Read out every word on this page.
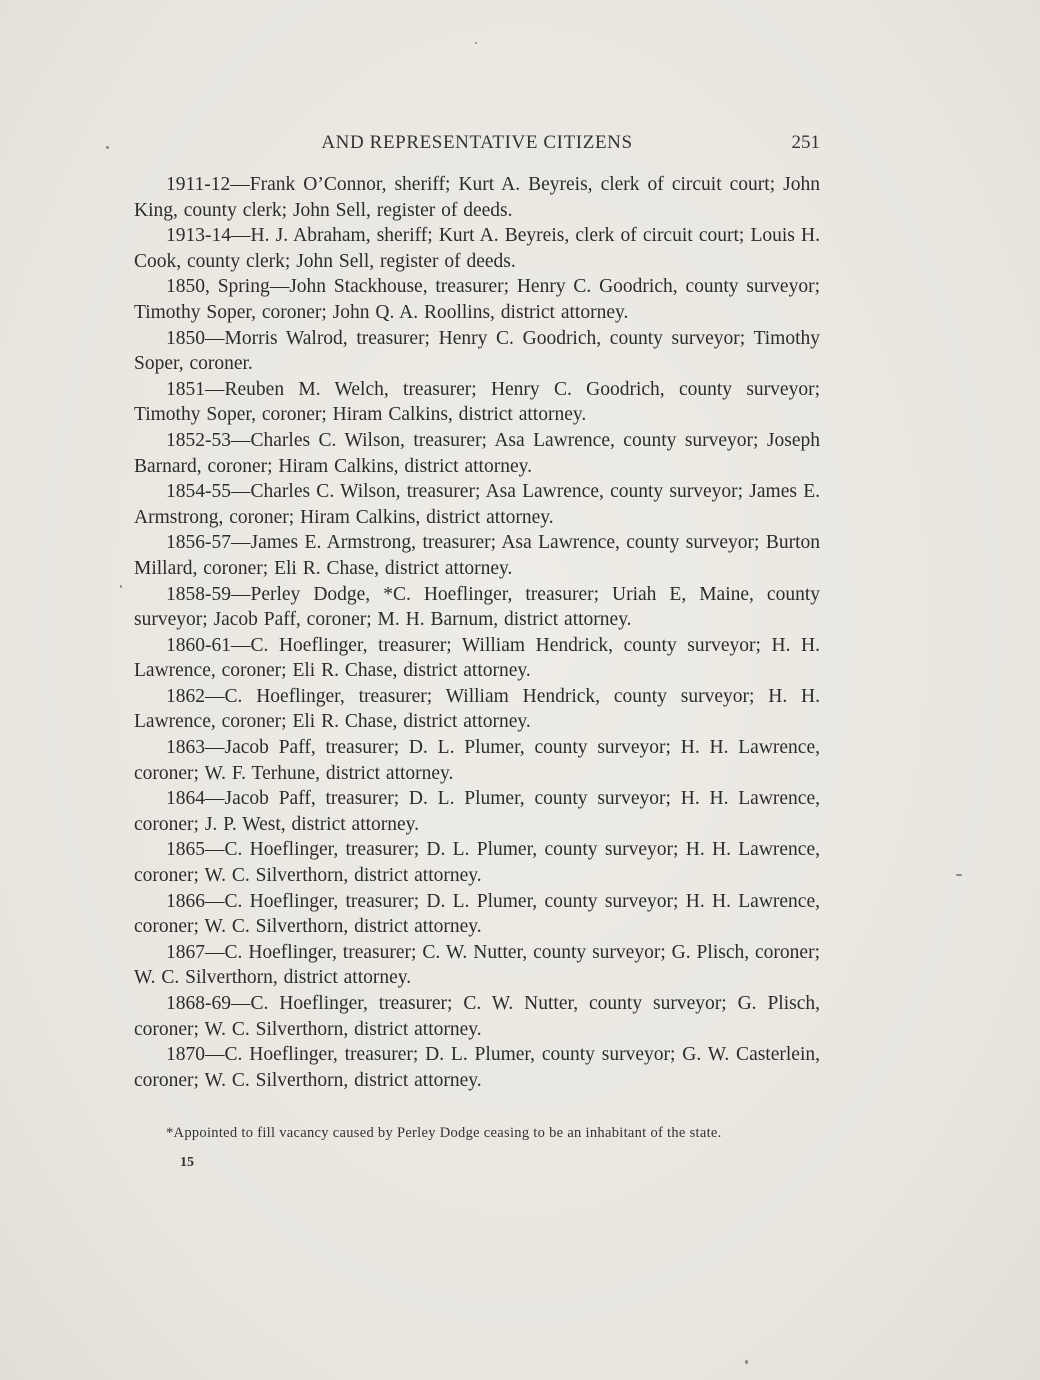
AND REPRESENTATIVE CITIZENS	251

1911-12—Frank O’Connor, sheriff; Kurt A. Beyreis, clerk of circuit court; John King, county clerk; John Sell, register of deeds.

1913-14—H. J. Abraham, sheriff; Kurt A. Beyreis, clerk of circuit court; Louis H. Cook, county clerk; John Sell, register of deeds.

1850, Spring—John Stackhouse, treasurer; Henry C. Goodrich, county surveyor; Timothy Soper, coroner; John Q. A. Roollins, district attorney.

1850—Morris Walrod, treasurer; Henry C. Goodrich, county surveyor; Timothy Soper, coroner.

1851—Reuben M. Welch, treasurer; Henry C. Goodrich, county surveyor; Timothy Soper, coroner; Hiram Calkins, district attorney.

1852-53—Charles C. Wilson, treasurer; Asa Lawrence, county surveyor; Joseph Barnard, coroner; Hiram Calkins, district attorney.

1854-55—Charles C. Wilson, treasurer; Asa Lawrence, county surveyor; James E. Armstrong, coroner; Hiram Calkins, district attorney.

1856-57—James E. Armstrong, treasurer; Asa Lawrence, county surveyor; Burton Millard, coroner; Eli R. Chase, district attorney.

1858-59—Perley Dodge, *C. Hoeflinger, treasurer; Uriah E, Maine, county surveyor; Jacob Paff, coroner; M. H. Barnum, district attorney.

1860-61—C. Hoeflinger, treasurer; William Hendrick, county surveyor; H. H. Lawrence, coroner; Eli R. Chase, district attorney.

1862—C. Hoeflinger, treasurer; William Hendrick, county surveyor; H. H. Lawrence, coroner; Eli R. Chase, district attorney.

1863—Jacob Paff, treasurer; D. L. Plumer, county surveyor; H. H. Lawrence, coroner; W. F. Terhune, district attorney.

1864—Jacob Paff, treasurer; D. L. Plumer, county surveyor; H. H. Lawrence, coroner; J. P. West, district attorney.

1865—C. Hoeflinger, treasurer; D. L. Plumer, county surveyor; H. H. Lawrence, coroner; W. C. Silverthorn, district attorney.

1866—C. Hoeflinger, treasurer; D. L. Plumer, county surveyor; H. H. Lawrence, coroner; W. C. Silverthorn, district attorney.

1867—C. Hoeflinger, treasurer; C. W. Nutter, county surveyor; G. Plisch, coroner; W. C. Silverthorn, district attorney.

1868-69—C. Hoeflinger, treasurer; C. W. Nutter, county surveyor; G. Plisch, coroner; W. C. Silverthorn, district attorney.

1870—C. Hoeflinger, treasurer; D. L. Plumer, county surveyor; G. W. Casterlein, coroner; W. C. Silverthorn, district attorney.

*Appointed to fill vacancy caused by Perley Dodge ceasing to be an inhabitant of the state.

15
